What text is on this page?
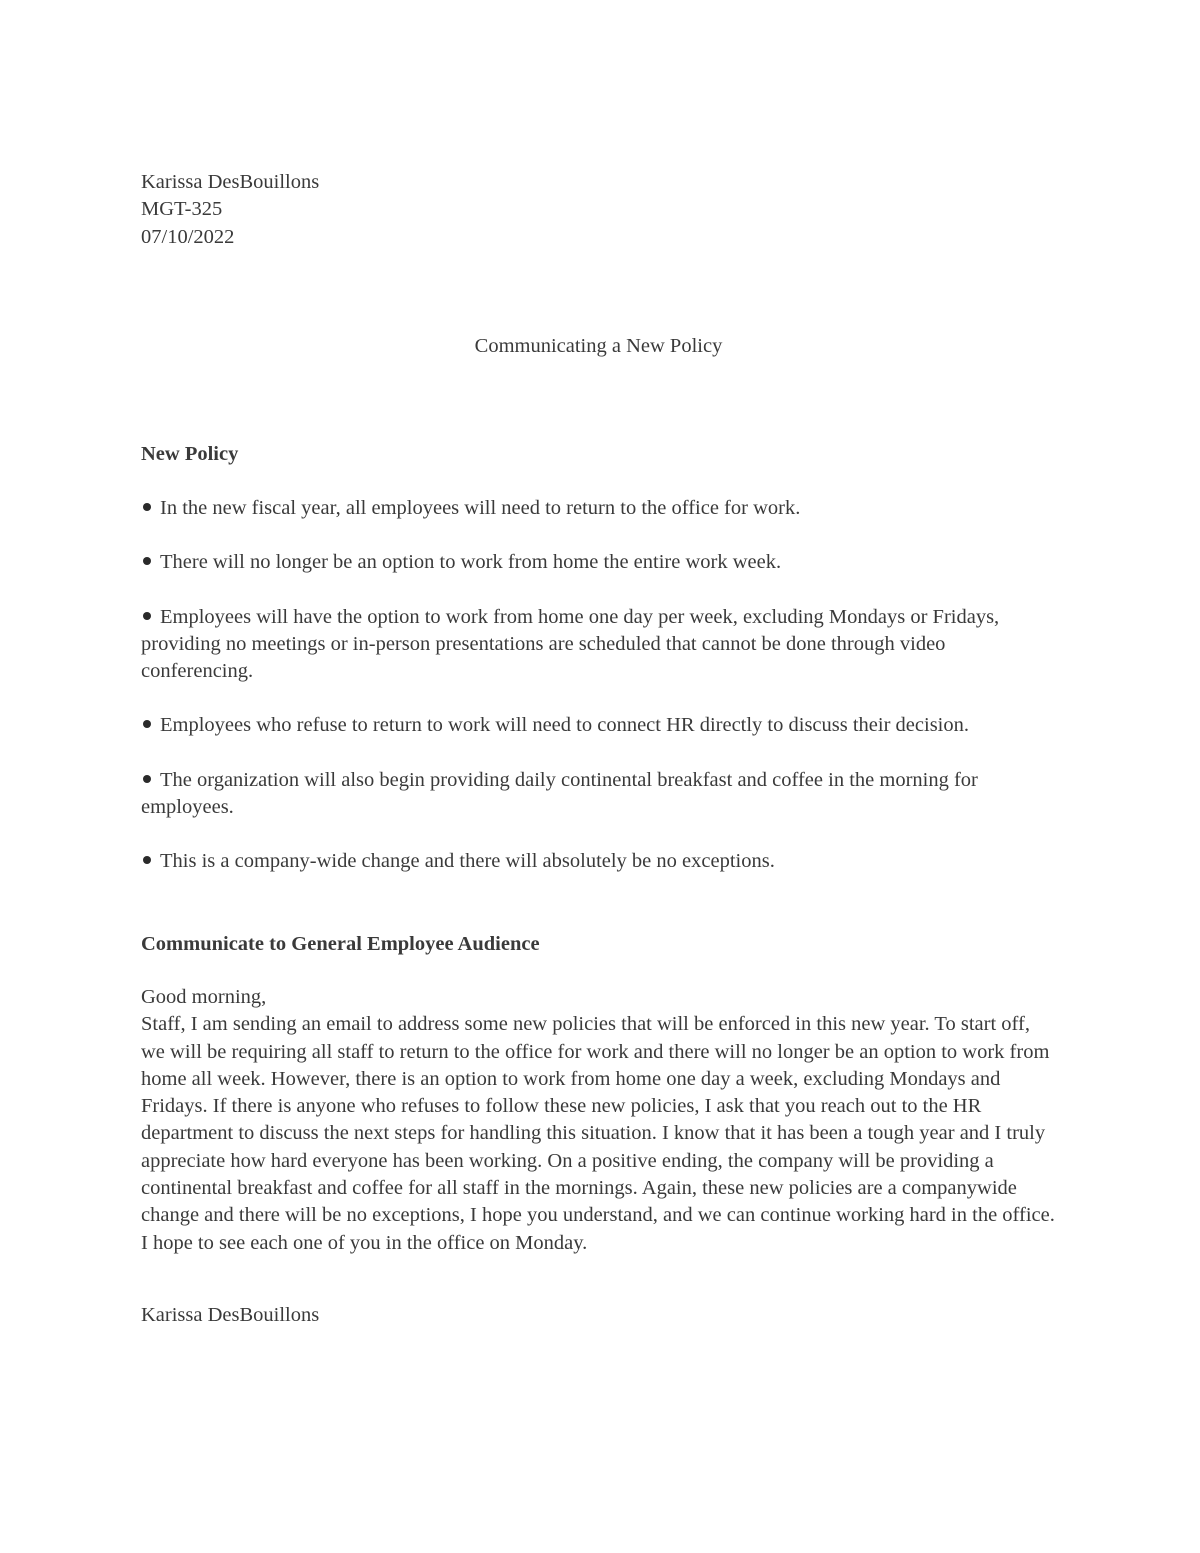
Karissa DesBouillons
MGT-325
07/10/2022
Communicating a New Policy
New Policy
In the new fiscal year, all employees will need to return to the office for work.
There will no longer be an option to work from home the entire work week.
Employees will have the option to work from home one day per week, excluding Mondays or Fridays, providing no meetings or in-person presentations are scheduled that cannot be done through video conferencing.
Employees who refuse to return to work will need to connect HR directly to discuss their decision.
The organization will also begin providing daily continental breakfast and coffee in the morning for employees.
This is a company-wide change and there will absolutely be no exceptions.
Communicate to General Employee Audience
Good morning,

Staff, I am sending an email to address some new policies that will be enforced in this new year. To start off, we will be requiring all staff to return to the office for work and there will no longer be an option to work from home all week. However, there is an option to work from home one day a week, excluding Mondays and Fridays. If there is anyone who refuses to follow these new policies, I ask that you reach out to the HR department to discuss the next steps for handling this situation. I know that it has been a tough year and I truly appreciate how hard everyone has been working. On a positive ending, the company will be providing a continental breakfast and coffee for all staff in the mornings. Again, these new policies are a companywide change and there will be no exceptions, I hope you understand, and we can continue working hard in the office. I hope to see each one of you in the office on Monday.

Karissa DesBouillons
